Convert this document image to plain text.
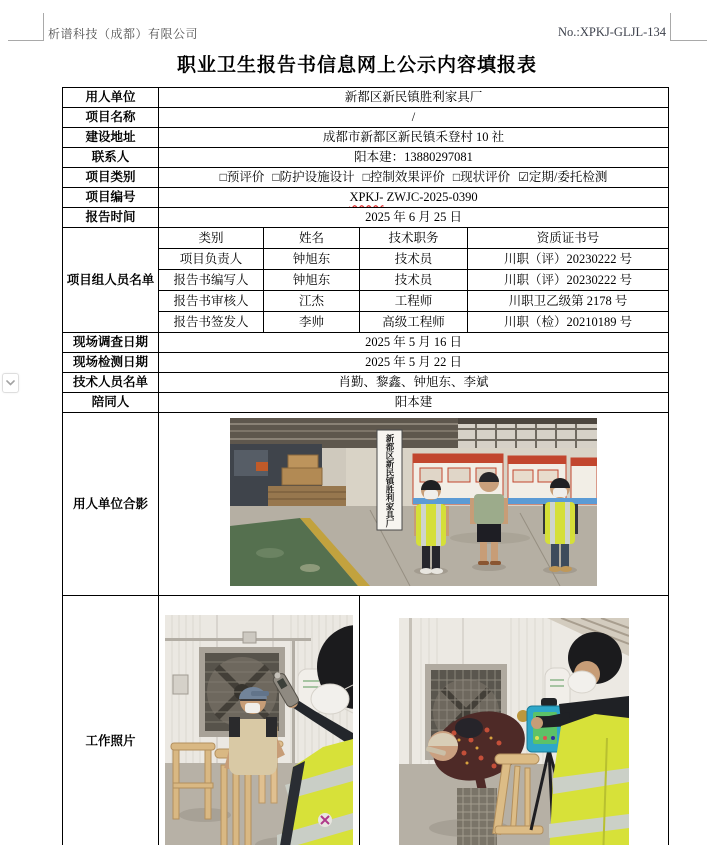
析谱科技（成都）有限公司	No.:XPKJ-GLJL-134
职业卫生报告书信息网上公示内容填报表
用人单位	新都区新民镇胜利家具厂			
项目名称	/			
建设地址	成都市新都区新民镇禾登村 10 社			
联系人	阳本建：13880297081			
项目类别	□预评价 □防护设施设计 □控制效果评价 □现状评价 ☑定期/委托检测			
项目编号	XPKJ- ZWJC-2025-0390			
报告时间	2025 年 6 月 25 日			
项目组人员名单	类别	姓名	技术职务	资质证书号
	项目负责人	钟旭东	技术员	川职（评）20230222 号
	报告书编写人	钟旭东	技术员	川职（评）20230222 号
	报告书审核人	江杰	工程师	川职卫乙级第 2178 号
	报告书签发人	李帅	高级工程师	川职（检）20210189 号
现场调查日期	2025 年 5 月 16 日			
现场检测日期	2025 年 5 月 22 日			
技术人员名单	肖勤、黎鑫、钟旭东、李斌			
陪同人	阳本建			
用人单位合影	新都区新民镇胜利家具厂			

工作照片		
